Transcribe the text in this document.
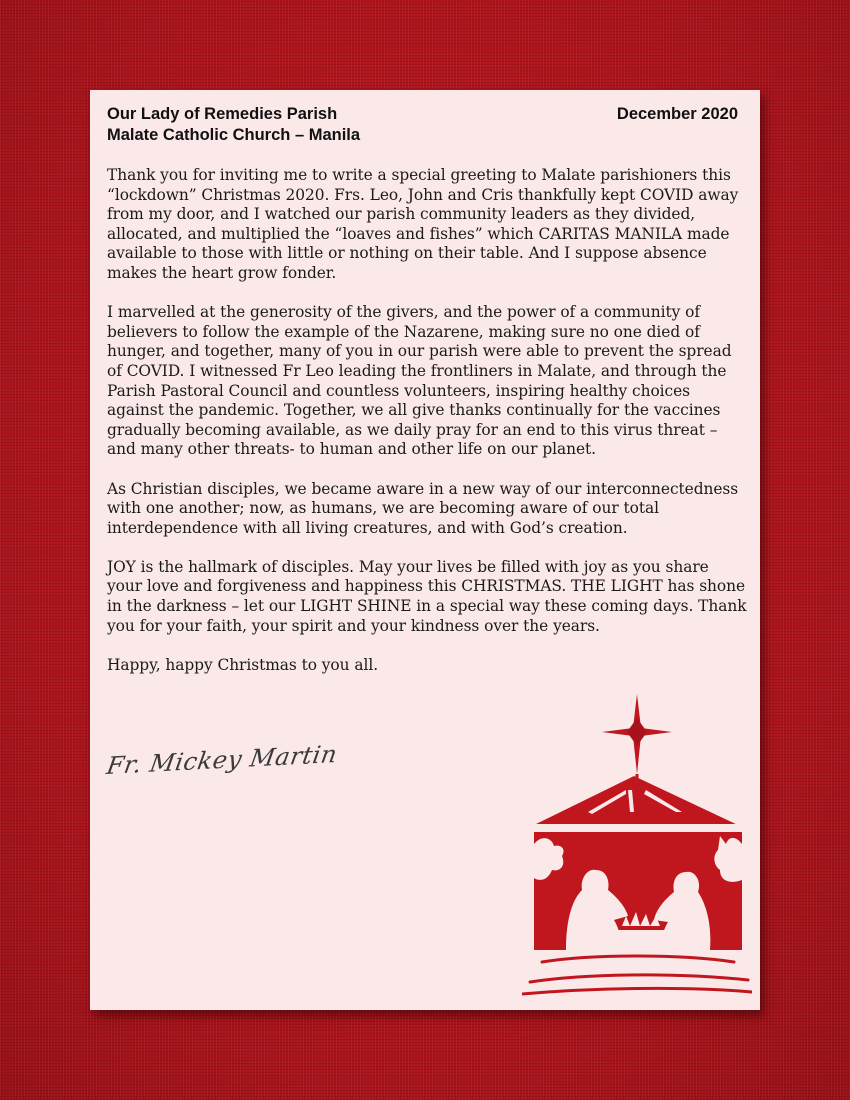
Our Lady of Remedies Parish
Malate Catholic Church – Manila
December 2020

Thank you for inviting me to write a special greeting to Malate parishioners this “lockdown” Christmas 2020. Frs. Leo, John and Cris thankfully kept COVID away from my door, and I watched our parish community leaders as they divided, allocated, and multiplied the “loaves and fishes” which CARITAS MANILA made available to those with little or nothing on their table. And I suppose absence makes the heart grow fonder.

I marvelled at the generosity of the givers, and the power of a community of believers to follow the example of the Nazarene, making sure no one died of hunger, and together, many of you in our parish were able to prevent the spread of COVID. I witnessed Fr Leo leading the frontliners in Malate, and through the Parish Pastoral Council and countless volunteers, inspiring healthy choices against the pandemic. Together, we all give thanks continually for the vaccines gradually becoming available, as we daily pray for an end to this virus threat – and many other threats- to human and other life on our planet.

As Christian disciples, we became aware in a new way of our interconnectedness with one another; now, as humans, we are becoming aware of our total interdependence with all living creatures, and with God’s creation.

JOY is the hallmark of disciples. May your lives be filled with joy as you share your love and forgiveness and happiness this CHRISTMAS. THE LIGHT has shone in the darkness – let our LIGHT SHINE in a special way these coming days. Thank you for your faith, your spirit and your kindness over the years.

Happy, happy Christmas to you all.

Fr. Mickey Martin
